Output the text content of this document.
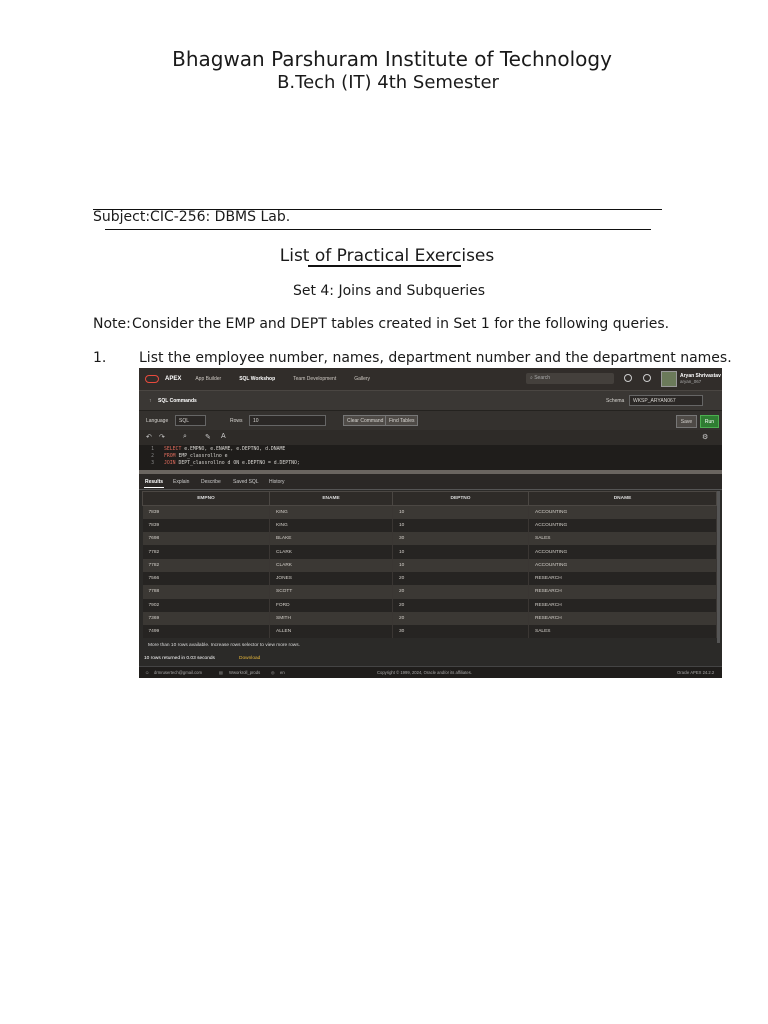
Bhagwan Parshuram Institute of Technology
B.Tech (IT) 4th Semester
Subject:CIC-256: DBMS Lab.
List of Practical Exercises
Set 4: Joins and Subqueries
Note:Consider the EMP and DEPT tables created in Set 1 for the following queries.
1. List the employee number, names, department number and the department names.
APEX	App Builder	SQL Workshop	Team Development	Gallery	⌕ Search	Aryan Shrivastav
aryan_067
↑ SQL Commands	Schema	WKSP_ARYAN067
Language	SQL	Rows	10	Clear Command	Find Tables	Save	Run
↶ ↷	⌕	✎ A	⚙
1 SELECT e.EMPNO, e.ENAME, e.DEPTNO, d.DNAME
2 FROM EMP_classrollno e
3 JOIN DEPT_classrollno d ON e.DEPTNO = d.DEPTNO;
Results Explain Describe Saved SQL History
EMPNO	ENAME	DEPTNO	DNAME
7839	KING	10	ACCOUNTING
7839	KING	10	ACCOUNTING
7698	BLAKE	30	SALES
7782	CLARK	10	ACCOUNTING
7782	CLARK	10	ACCOUNTING
7566	JONES	20	RESEARCH
7788	SCOTT	20	RESEARCH
7902	FORD	20	RESEARCH
7369	SMITH	20	RESEARCH
7499	ALLEN	30	SALES
More than 10 rows available. Increase rows selector to view more rows.
10 rows returned in 0.03 seconds	Download
☺ drmrusertech@gmail.com	▤ Wworkroll_prods	◎ en	Copyright © 1999, 2024, Oracle and/or its affiliates.	Oracle APEX 24.2.2
